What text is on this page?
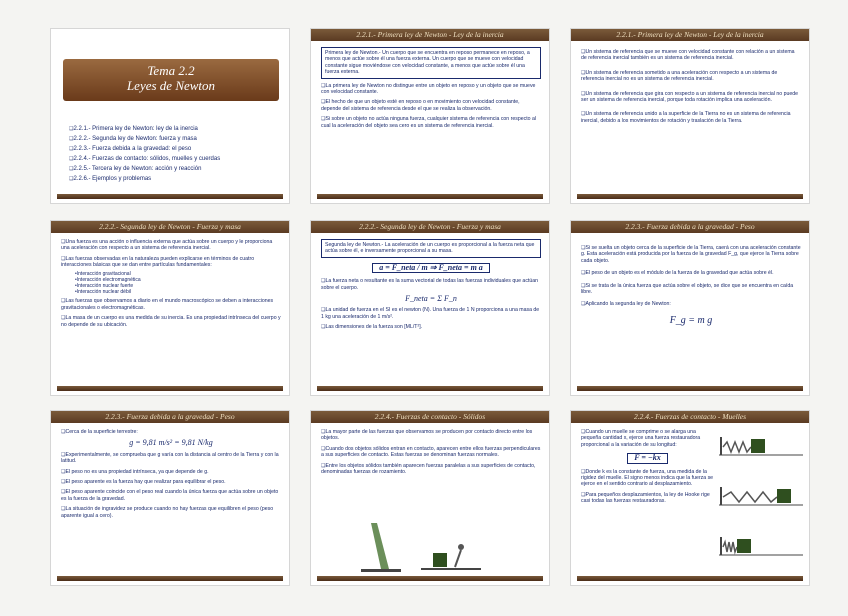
Tema 2.2
Leyes de Newton
❑ 2.2.1.- Primera ley de Newton: ley de la inercia
❑ 2.2.2.- Segunda ley de Newton: fuerza y masa
❑ 2.2.3.- Fuerza debida a la gravedad: el peso
❑ 2.2.4.- Fuerzas de contacto: sólidos, muelles y cuerdas
❑ 2.2.5.- Tercera ley de Newton: acción y reacción
❑ 2.2.6.- Ejemplos y problemas
2.2.1.- Primera ley de Newton - Ley de la inercia
Primera ley de Newton.- Un cuerpo que se encuentra en reposo permanece en reposo, a menos que actúe sobre él una fuerza externa. Un cuerpo que se mueve con velocidad constante sigue moviéndose con velocidad constante, a menos que actúe sobre él una fuerza externa.

❑ La primera ley de Newton no distingue entre un objeto en reposo y un objeto que se mueve con velocidad constante.

❑ El hecho de que un objeto esté en reposo o en movimiento con velocidad constante, depende del sistema de referencia desde el que se realiza la observación.

❑ Si sobre un objeto no actúa ninguna fuerza, cualquier sistema de referencia con respecto al cual la aceleración del objeto sea cero es un sistema de referencia inercial.

2.2.1.- Primera ley de Newton - Ley de la inercia

❑ Un sistema de referencia que se mueve con velocidad constante con relación a un sistema de referencia inercial también es un sistema de referencia inercial.

❑ Un sistema de referencia sometido a una aceleración con respecto a un sistema de referencia inercial no es un sistema de referencia inercial.

❑ Un sistema de referencia que gira con respecto a un sistema de referencia inercial no puede ser un sistema de referencia inercial, porque toda rotación implica una aceleración.

❑ Un sistema de referencia unido a la superficie de la Tierra no es un sistema de referencia inercial, debido a los movimientos de rotación y traslación de la Tierra.

2.2.2.- Segunda ley de Newton - Fuerza y masa

❑ Una fuerza es una acción o influencia externa que actúa sobre un cuerpo y le proporciona una aceleración con respecto a un sistema de referencia inercial.

❑ Las fuerzas observadas en la naturaleza pueden explicarse en términos de cuatro interacciones básicas que se dan entre partículas fundamentales:

• Interacción gravitacional
• Interacción electromagnética
• Interacción nuclear fuerte
• Interacción nuclear débil

❑ Las fuerzas que observamos a diario en el mundo macroscópico se deben a interacciones gravitacionales o electromagnéticas.

❑ La masa de un cuerpo es una medida de su inercia. Es una propiedad intrínseca del cuerpo y no depende de su ubicación.

2.2.2.- Segunda ley de Newton - Fuerza y masa
Segunda ley de Newton.- La aceleración de un cuerpo es proporcional a la fuerza neta que actúa sobre él, e inversamente proporcional a su masa.
a = F_neta / m ⇒ F_neta = m a

❑ La fuerza neta o resultante es la suma vectorial de todas las fuerzas individuales que actúan sobre el cuerpo.

F_neta = Σ F_n

❑ La unidad de fuerza en el SI es el newton (N). Una fuerza de 1 N proporciona a una masa de 1 kg una aceleración de 1 m/s².

❑ Las dimensiones de la fuerza son [ML/T²].

2.2.3.- Fuerza debida a la gravedad - Peso

❑ Si se suelta un objeto cerca de la superficie de la Tierra, caerá con una aceleración constante g. Esta aceleración está producida por la fuerza de la gravedad F_g, que ejerce la Tierra sobre cada objeto.

❑ El peso de un objeto es el módulo de la fuerza de la gravedad que actúa sobre él.

❑ Si se trata de la única fuerza que actúa sobre el objeto, se dice que se encuentra en caída libre.

❑ Aplicando la segunda ley de Newton:

F_g = m g
2.2.3.- Fuerza debida a la gravedad - Peso

❑ Cerca de la superficie terrestre:

g = 9,81 m/s² = 9,81 N/kg

❑ Experimentalmente, se comprueba que g varía con la distancia al centro de la Tierra y con la latitud.

❑ El peso no es una propiedad intrínseca, ya que depende de g.

❑ El peso aparente es la fuerza hay que realizar para equilibrar el peso.

❑ El peso aparente coincide con el peso real cuando la única fuerza que actúa sobre un objeto es la fuerza de la gravedad.

❑ La situación de ingravidez se produce cuando no hay fuerzas que equilibren el peso (peso aparente igual a cero).

2.2.4.- Fuerzas de contacto - Sólidos

❑ La mayor parte de las fuerzas que observamos se producen por contacto directo entre los objetos.

❑ Cuando dos objetos sólidos entran en contacto, aparecen entre ellos fuerzas perpendiculares a sus superficies de contacto. Estas fuerzas se denominan fuerzas normales.

❑ Entre los objetos sólidos también aparecen fuerzas paralelas a sus superficies de contacto, denominadas fuerzas de rozamiento.

2.2.4.- Fuerzas de contacto - Muelles

❑ Cuando un muelle se comprime o se alarga una pequeña cantidad x, ejerce una fuerza restauradora proporcional a la variación de su longitud:

F = −kx

❑ Donde k es la constante de fuerza, una medida de la rigidez del muelle. El signo menos indica que la fuerza se ejerce en el sentido contrario al desplazamiento.

❑ Para pequeños desplazamientos, la ley de Hooke rige casi todas las fuerzas restauradoras.
